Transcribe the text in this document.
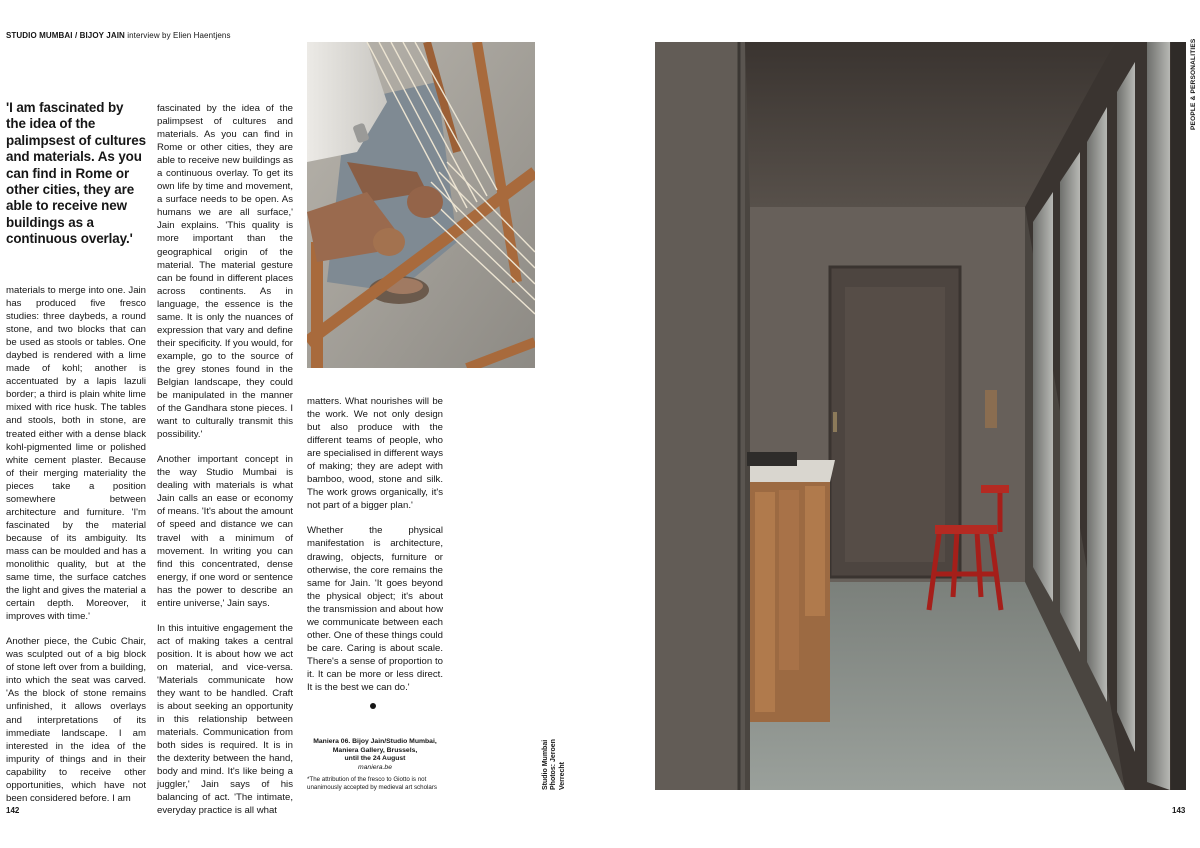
STUDIO MUMBAI / BIJOY JAIN interview by Elien Haentjens
'I am fascinated by the idea of the palimpsest of cultures and materials. As you can find in Rome or other cities, they are able to receive new buildings as a continuous overlay.'

materials to merge into one. Jain has produced five fresco studies: three daybeds, a round stone, and two blocks that can be used as stools or tables. One daybed is rendered with a lime made of kohl; another is accentuated by a lapis lazuli border; a third is plain white lime mixed with rice husk. The tables and stools, both in stone, are treated either with a dense black kohl-pigmented lime or polished white cement plaster. Because of their merging materiality the pieces take a position somewhere between architecture and furniture. 'I'm fascinated by the material because of its ambiguity. Its mass can be moulded and has a monolithic quality, but at the same time, the surface catches the light and gives the material a certain depth. Moreover, it improves with time.'

Another piece, the Cubic Chair, was sculpted out of a big block of stone left over from a building, into which the seat was carved. 'As the block of stone remains unfinished, it allows overlays and interpretations of its immediate landscape. I am interested in the idea of the impurity of things and in their capability to receive other opportunities, which have not been considered before. I am

fascinated by the idea of the palimpsest of cultures and materials. As you can find in Rome or other cities, they are able to receive new buildings as a continuous overlay. To get its own life by time and movement, a surface needs to be open. As humans we are all surface,' Jain explains. 'This quality is more important than the geographical origin of the material. The material gesture can be found in different places across continents. As in language, the essence is the same. It is only the nuances of expression that vary and define their specificity. If you would, for example, go to the source of the grey stones found in the Belgian landscape, they could be manipulated in the manner of the Gandhara stone pieces. I want to culturally transmit this possibility.'

Another important concept in the way Studio Mumbai is dealing with materials is what Jain calls an ease or economy of means. 'It's about the amount of speed and distance we can travel with a minimum of movement. In writing you can find this concentrated, dense energy, if one word or sentence has the power to describe an entire universe,' Jain says.

In this intuitive engagement the act of making takes a central position. It is about how we act on material, and vice-versa. 'Materials communicate how they want to be handled. Craft is about seeking an opportunity in this relationship between materials. Communication from both sides is required. It is in the dexterity between the hand, body and mind. It's like being a juggler,' Jain says of his balancing of act. 'The intimate, everyday practice is all what

matters. What nourishes will be the work. We not only design but also produce with the different teams of people, who are specialised in different ways of making; they are adept with bamboo, wood, stone and silk. The work grows organically, it's not part of a bigger plan.'

Whether the physical manifestation is architecture, drawing, objects, furniture or otherwise, the core remains the same for Jain. 'It goes beyond the physical object; it's about the transmission and about how we communicate between each other. One of these things could be care. Caring is about scale. There's a sense of proportion to it. It can be more or less direct. It is the best we can do.'

Maniera 06. Bijoy Jain/Studio Mumbai,
Maniera Gallery, Brussels,
until the 24 August
maniera.be
*The attribution of the fresco to Giotto is not unanimously accepted by medieval art scholars	Studio Mumbai Photos: Jeroen Verrecht
PEOPLE & PERSONALITIES
142	143
